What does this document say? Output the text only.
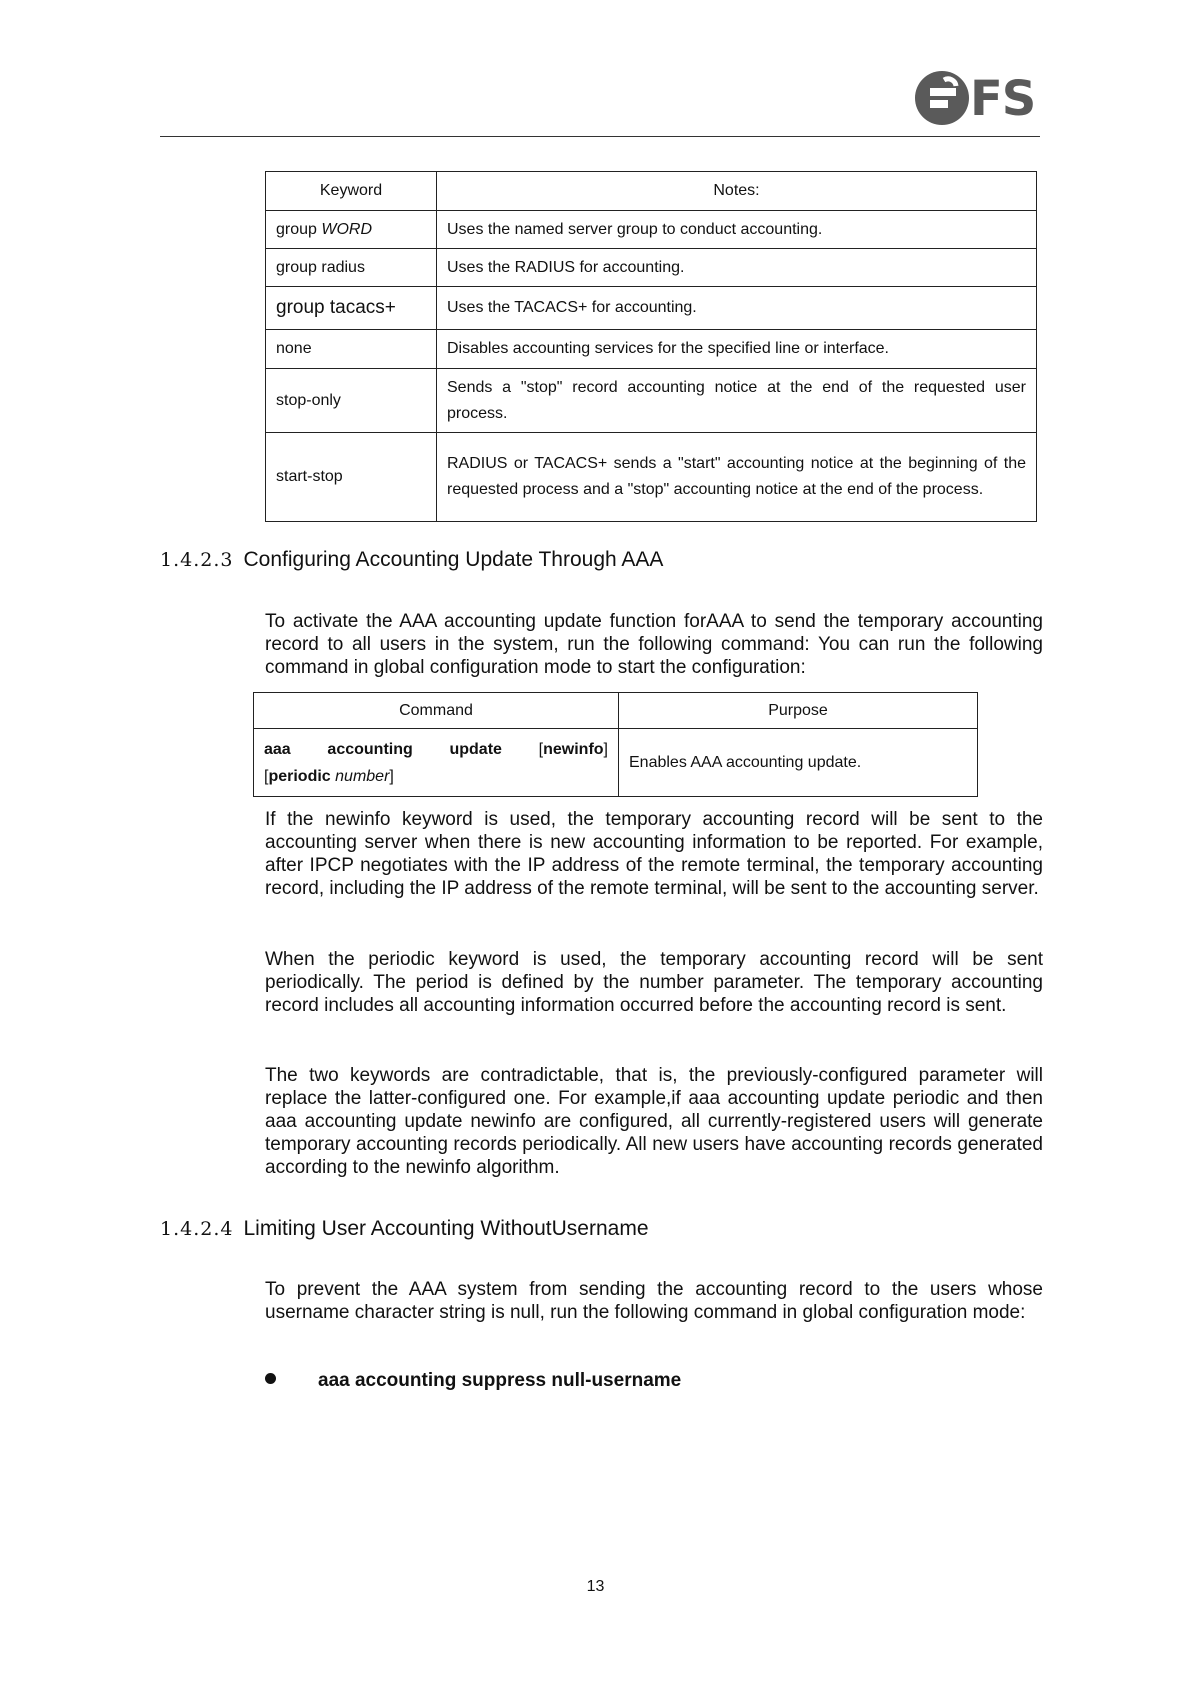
FS
Keyword	Notes:
group WORD	Uses the named server group to conduct accounting.
group radius	Uses the RADIUS for accounting.
group tacacs+	Uses the TACACS+ for accounting.
none	Disables accounting services for the specified line or interface.
stop-only	Sends a "stop" record accounting notice at the end of the requested user process.
start-stop	RADIUS or TACACS+ sends a "start" accounting notice at the beginning of the requested process and a "stop" accounting notice at the end of the process.
1.4.2.3 Configuring Accounting Update Through AAA

To activate the AAA accounting update function forAAA to send the temporary accounting record to all users in the system, run the following command: You can run the following command in global configuration mode to start the configuration:

Command	Purpose

aaa accounting update [newinfo]
[periodic number]	Enables AAA accounting update.

If the newinfo keyword is used, the temporary accounting record will be sent to the accounting server when there is new accounting information to be reported. For example, after IPCP negotiates with the IP address of the remote terminal, the temporary accounting record, including the IP address of the remote terminal, will be sent to the accounting server.

When the periodic keyword is used, the temporary accounting record will be sent periodically. The period is defined by the number parameter. The temporary accounting record includes all accounting information occurred before the accounting record is sent.

The two keywords are contradictable, that is, the previously-configured parameter will replace the latter-configured one. For example,if aaa accounting update periodic and then aaa accounting update newinfo are configured, all currently-registered users will generate temporary accounting records periodically. All new users have accounting records generated according to the newinfo algorithm.

1.4.2.4 Limiting User Accounting WithoutUsername

To prevent the AAA system from sending the accounting record to the users whose username character string is null, run the following command in global configuration mode:

aaa accounting suppress null-username
13
